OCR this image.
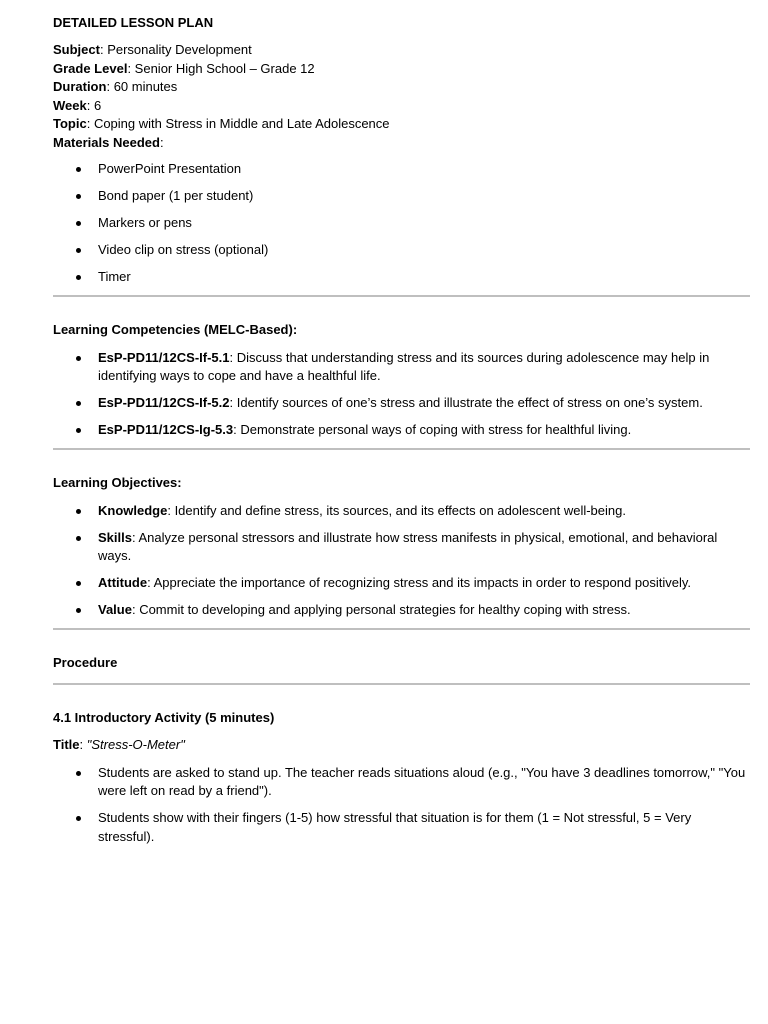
DETAILED LESSON PLAN

Subject: Personality Development

Grade Level: Senior High School – Grade 12

Duration: 60 minutes

Week: 6

Topic: Coping with Stress in Middle and Late Adolescence

Materials Needed:

PowerPoint Presentation
Bond paper (1 per student)
Markers or pens
Video clip on stress (optional)
Timer

Learning Competencies (MELC-Based):

EsP-PD11/12CS-If-5.1: Discuss that understanding stress and its sources during adolescence may help in identifying ways to cope and have a healthful life.
EsP-PD11/12CS-If-5.2: Identify sources of one’s stress and illustrate the effect of stress on one’s system.
EsP-PD11/12CS-Ig-5.3: Demonstrate personal ways of coping with stress for healthful living.

Learning Objectives:

Knowledge: Identify and define stress, its sources, and its effects on adolescent well-being.
Skills: Analyze personal stressors and illustrate how stress manifests in physical, emotional, and behavioral ways.
Attitude: Appreciate the importance of recognizing stress and its impacts in order to respond positively.
Value: Commit to developing and applying personal strategies for healthy coping with stress.

Procedure

4.1 Introductory Activity (5 minutes)

Title: "Stress-O-Meter"

Students are asked to stand up. The teacher reads situations aloud (e.g., "You have 3 deadlines tomorrow," "You were left on read by a friend").
Students show with their fingers (1-5) how stressful that situation is for them (1 = Not stressful, 5 = Very stressful).
